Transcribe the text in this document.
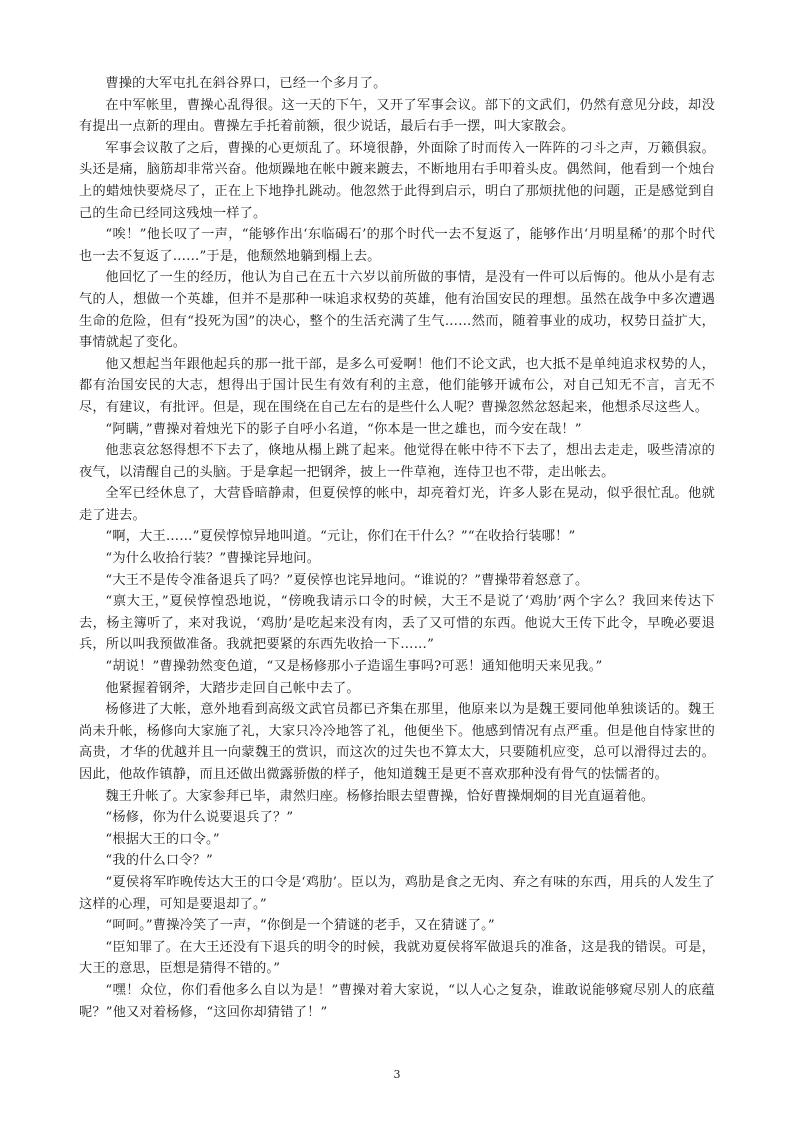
曹操的大军屯扎在斜谷界口，已经一个多月了。

在中军帐里，曹操心乱得很。这一天的下午，又开了军事会议。部下的文武们，仍然有意见分歧，却没有提出一点新的理由。曹操左手托着前额，很少说话，最后右手一摆，叫大家散会。

军事会议散了之后，曹操的心更烦乱了。环境很静，外面除了时而传入一阵阵的刁斗之声，万籁俱寂。头还是痛，脑筋却非常兴奋。他烦躁地在帐中踱来踱去，不断地用右手叩着头皮。偶然间，他看到一个烛台上的蜡烛快要烧尽了，正在上下地挣扎跳动。他忽然于此得到启示，明白了那烦扰他的问题，正是感觉到自己的生命已经同这残烛一样了。

“唉！”他长叹了一声，“能够作出‘东临碣石’的那个时代一去不复返了，能够作出‘月明星稀’的那个时代也一去不复返了……”于是，他颓然地躺到榻上去。

他回忆了一生的经历，他认为自己在五十六岁以前所做的事情，是没有一件可以后悔的。他从小是有志气的人，想做一个英雄，但并不是那种一味追求权势的英雄，他有治国安民的理想。虽然在战争中多次遭遇生命的危险，但有“投死为国”的决心，整个的生活充满了生气……然而，随着事业的成功，权势日益扩大，事情就起了变化。

他又想起当年跟他起兵的那一批干部，是多么可爱啊！他们不论文武，也大抵不是单纯追求权势的人，都有治国安民的大志，想得出于国计民生有效有利的主意，他们能够开诚布公，对自己知无不言，言无不尽，有建议，有批评。但是，现在围绕在自己左右的是些什么人呢？曹操忽然忿怒起来，他想杀尽这些人。

“阿瞒，”曹操对着烛光下的影子自呼小名道，“你本是一世之雄也，而今安在哉！”

他悲哀忿怒得想不下去了，倏地从榻上跳了起来。他觉得在帐中待不下去了，想出去走走，吸些清凉的夜气，以清醒自己的头脑。于是拿起一把钢斧，披上一件草袍，连侍卫也不带，走出帐去。

全军已经休息了，大营昏暗静肃，但夏侯惇的帐中，却亮着灯光，许多人影在晃动，似乎很忙乱。他就走了进去。

“啊，大王……”夏侯惇惊异地叫道。“元让，你们在干什么？”“在收拾行装哪！”

“为什么收拾行装？”曹操诧异地问。

“大王不是传令准备退兵了吗？”夏侯惇也诧异地问。“谁说的？”曹操带着怒意了。

“禀大王，”夏侯惇惶恐地说，“傍晚我请示口令的时候，大王不是说了‘鸡肋’两个字么？我回来传达下去，杨主簿听了，来对我说，‘鸡肋’是吃起来没有肉，丢了又可惜的东西。他说大王传下此令，早晚必要退兵，所以叫我预做准备。我就把要紧的东西先收拾一下……”

“胡说！”曹操勃然变色道，“又是杨修那小子造谣生事吗?可恶！通知他明天来见我。”

他紧握着钢斧，大踏步走回自己帐中去了。

杨修进了大帐，意外地看到高级文武官员都已齐集在那里，他原来以为是魏王要同他单独谈话的。魏王尚未升帐，杨修向大家施了礼，大家只冷冷地答了礼，他便坐下。他感到情况有点严重。但是他自恃家世的高贵，才华的优越并且一向蒙魏王的赏识，而这次的过失也不算太大，只要随机应变，总可以滑得过去的。因此，他故作镇静，而且还做出微露骄傲的样子，他知道魏王是更不喜欢那种没有骨气的怯懦者的。

魏王升帐了。大家参拜已毕，肃然归座。杨修抬眼去望曹操，恰好曹操炯炯的目光直逼着他。

“杨修，你为什么说要退兵了？”

“根据大王的口令。”

“我的什么口令？”

“夏侯将军昨晚传达大王的口令是‘鸡肋’。臣以为，鸡肋是食之无肉、弃之有味的东西，用兵的人发生了这样的心理，可知是要退却了。”

“呵呵。”曹操冷笑了一声，“你倒是一个猜谜的老手，又在猜谜了。”

“臣知罪了。在大王还没有下退兵的明令的时候，我就劝夏侯将军做退兵的准备，这是我的错误。可是，大王的意思，臣想是猜得不错的。”

“嘿！众位，你们看他多么自以为是！”曹操对着大家说，“以人心之复杂，谁敢说能够窥尽别人的底蕴呢？”他又对着杨修，“这回你却猜错了！”

3
